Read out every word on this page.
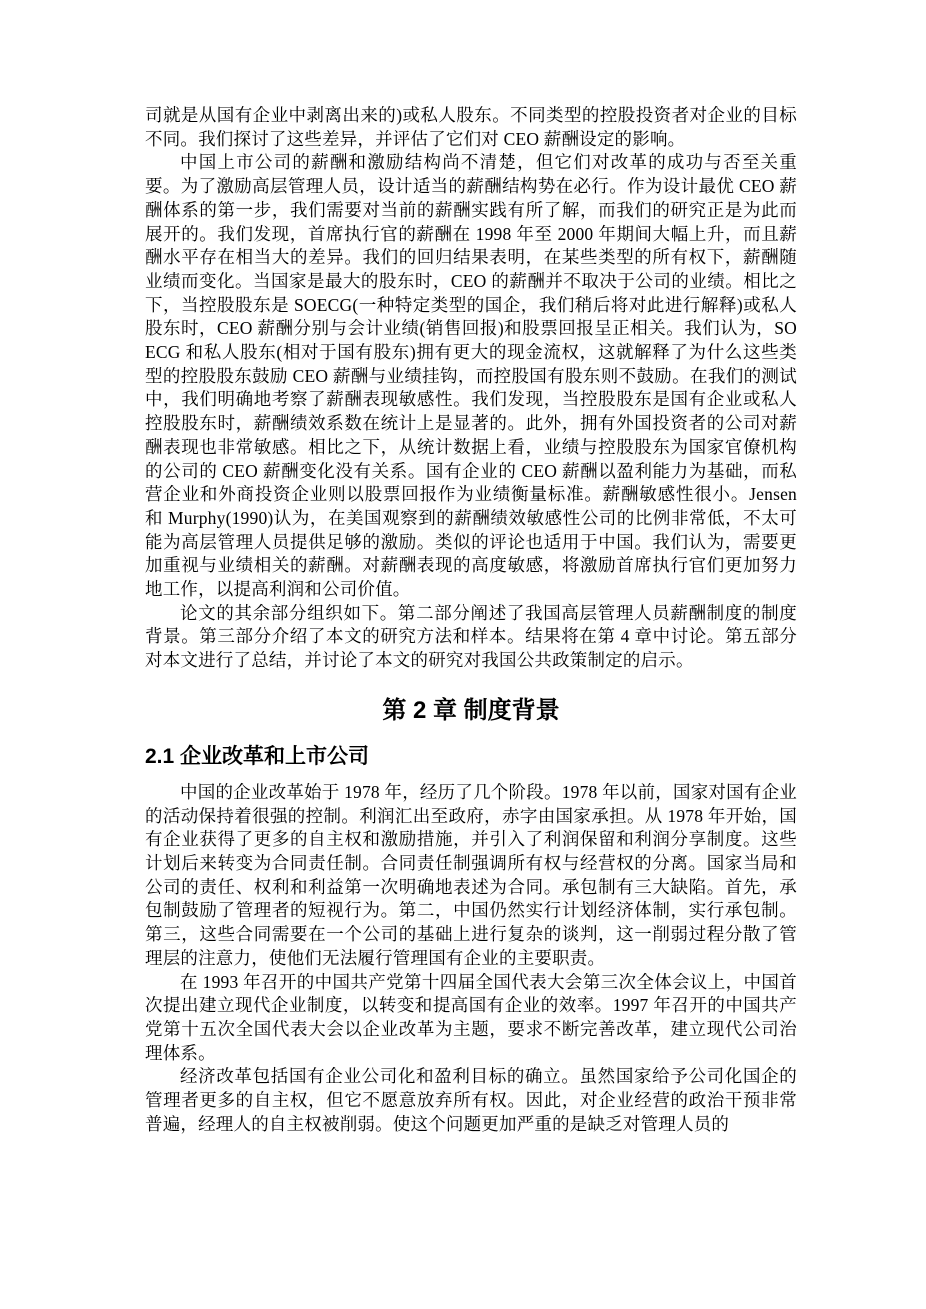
司就是从国有企业中剥离出来的)或私人股东。不同类型的控股投资者对企业的目标不同。我们探讨了这些差异，并评估了它们对 CEO 薪酬设定的影响。

中国上市公司的薪酬和激励结构尚不清楚，但它们对改革的成功与否至关重要。为了激励高层管理人员，设计适当的薪酬结构势在必行。作为设计最优 CEO 薪酬体系的第一步，我们需要对当前的薪酬实践有所了解，而我们的研究正是为此而展开的。我们发现，首席执行官的薪酬在 1998 年至 2000 年期间大幅上升，而且薪酬水平存在相当大的差异。我们的回归结果表明，在某些类型的所有权下，薪酬随业绩而变化。当国家是最大的股东时，CEO 的薪酬并不取决于公司的业绩。相比之下，当控股股东是 SOECG(一种特定类型的国企，我们稍后将对此进行解释)或私人股东时，CEO 薪酬分别与会计业绩(销售回报)和股票回报呈正相关。我们认为，SOECG 和私人股东(相对于国有股东)拥有更大的现金流权，这就解释了为什么这些类型的控股股东鼓励 CEO 薪酬与业绩挂钩，而控股国有股东则不鼓励。在我们的测试中，我们明确地考察了薪酬表现敏感性。我们发现，当控股股东是国有企业或私人控股股东时，薪酬绩效系数在统计上是显著的。此外，拥有外国投资者的公司对薪酬表现也非常敏感。相比之下，从统计数据上看，业绩与控股股东为国家官僚机构的公司的 CEO 薪酬变化没有关系。国有企业的 CEO 薪酬以盈利能力为基础，而私营企业和外商投资企业则以股票回报作为业绩衡量标准。薪酬敏感性很小。Jensen 和 Murphy(1990)认为，在美国观察到的薪酬绩效敏感性公司的比例非常低，不太可能为高层管理人员提供足够的激励。类似的评论也适用于中国。我们认为，需要更加重视与业绩相关的薪酬。对薪酬表现的高度敏感，将激励首席执行官们更加努力地工作，以提高利润和公司价值。

论文的其余部分组织如下。第二部分阐述了我国高层管理人员薪酬制度的制度背景。第三部分介绍了本文的研究方法和样本。结果将在第 4 章中讨论。第五部分对本文进行了总结，并讨论了本文的研究对我国公共政策制定的启示。

第 2 章 制度背景
2.1 企业改革和上市公司

中国的企业改革始于 1978 年，经历了几个阶段。1978 年以前，国家对国有企业的活动保持着很强的控制。利润汇出至政府，赤字由国家承担。从 1978 年开始，国有企业获得了更多的自主权和激励措施，并引入了利润保留和利润分享制度。这些计划后来转变为合同责任制。合同责任制强调所有权与经营权的分离。国家当局和公司的责任、权利和利益第一次明确地表述为合同。承包制有三大缺陷。首先，承包制鼓励了管理者的短视行为。第二，中国仍然实行计划经济体制，实行承包制。第三，这些合同需要在一个公司的基础上进行复杂的谈判，这一削弱过程分散了管理层的注意力，使他们无法履行管理国有企业的主要职责。

在 1993 年召开的中国共产党第十四届全国代表大会第三次全体会议上，中国首次提出建立现代企业制度，以转变和提高国有企业的效率。1997 年召开的中国共产党第十五次全国代表大会以企业改革为主题，要求不断完善改革，建立现代公司治理体系。

经济改革包括国有企业公司化和盈利目标的确立。虽然国家给予公司化国企的管理者更多的自主权，但它不愿意放弃所有权。因此，对企业经营的政治干预非常普遍，经理人的自主权被削弱。使这个问题更加严重的是缺乏对管理人员的
